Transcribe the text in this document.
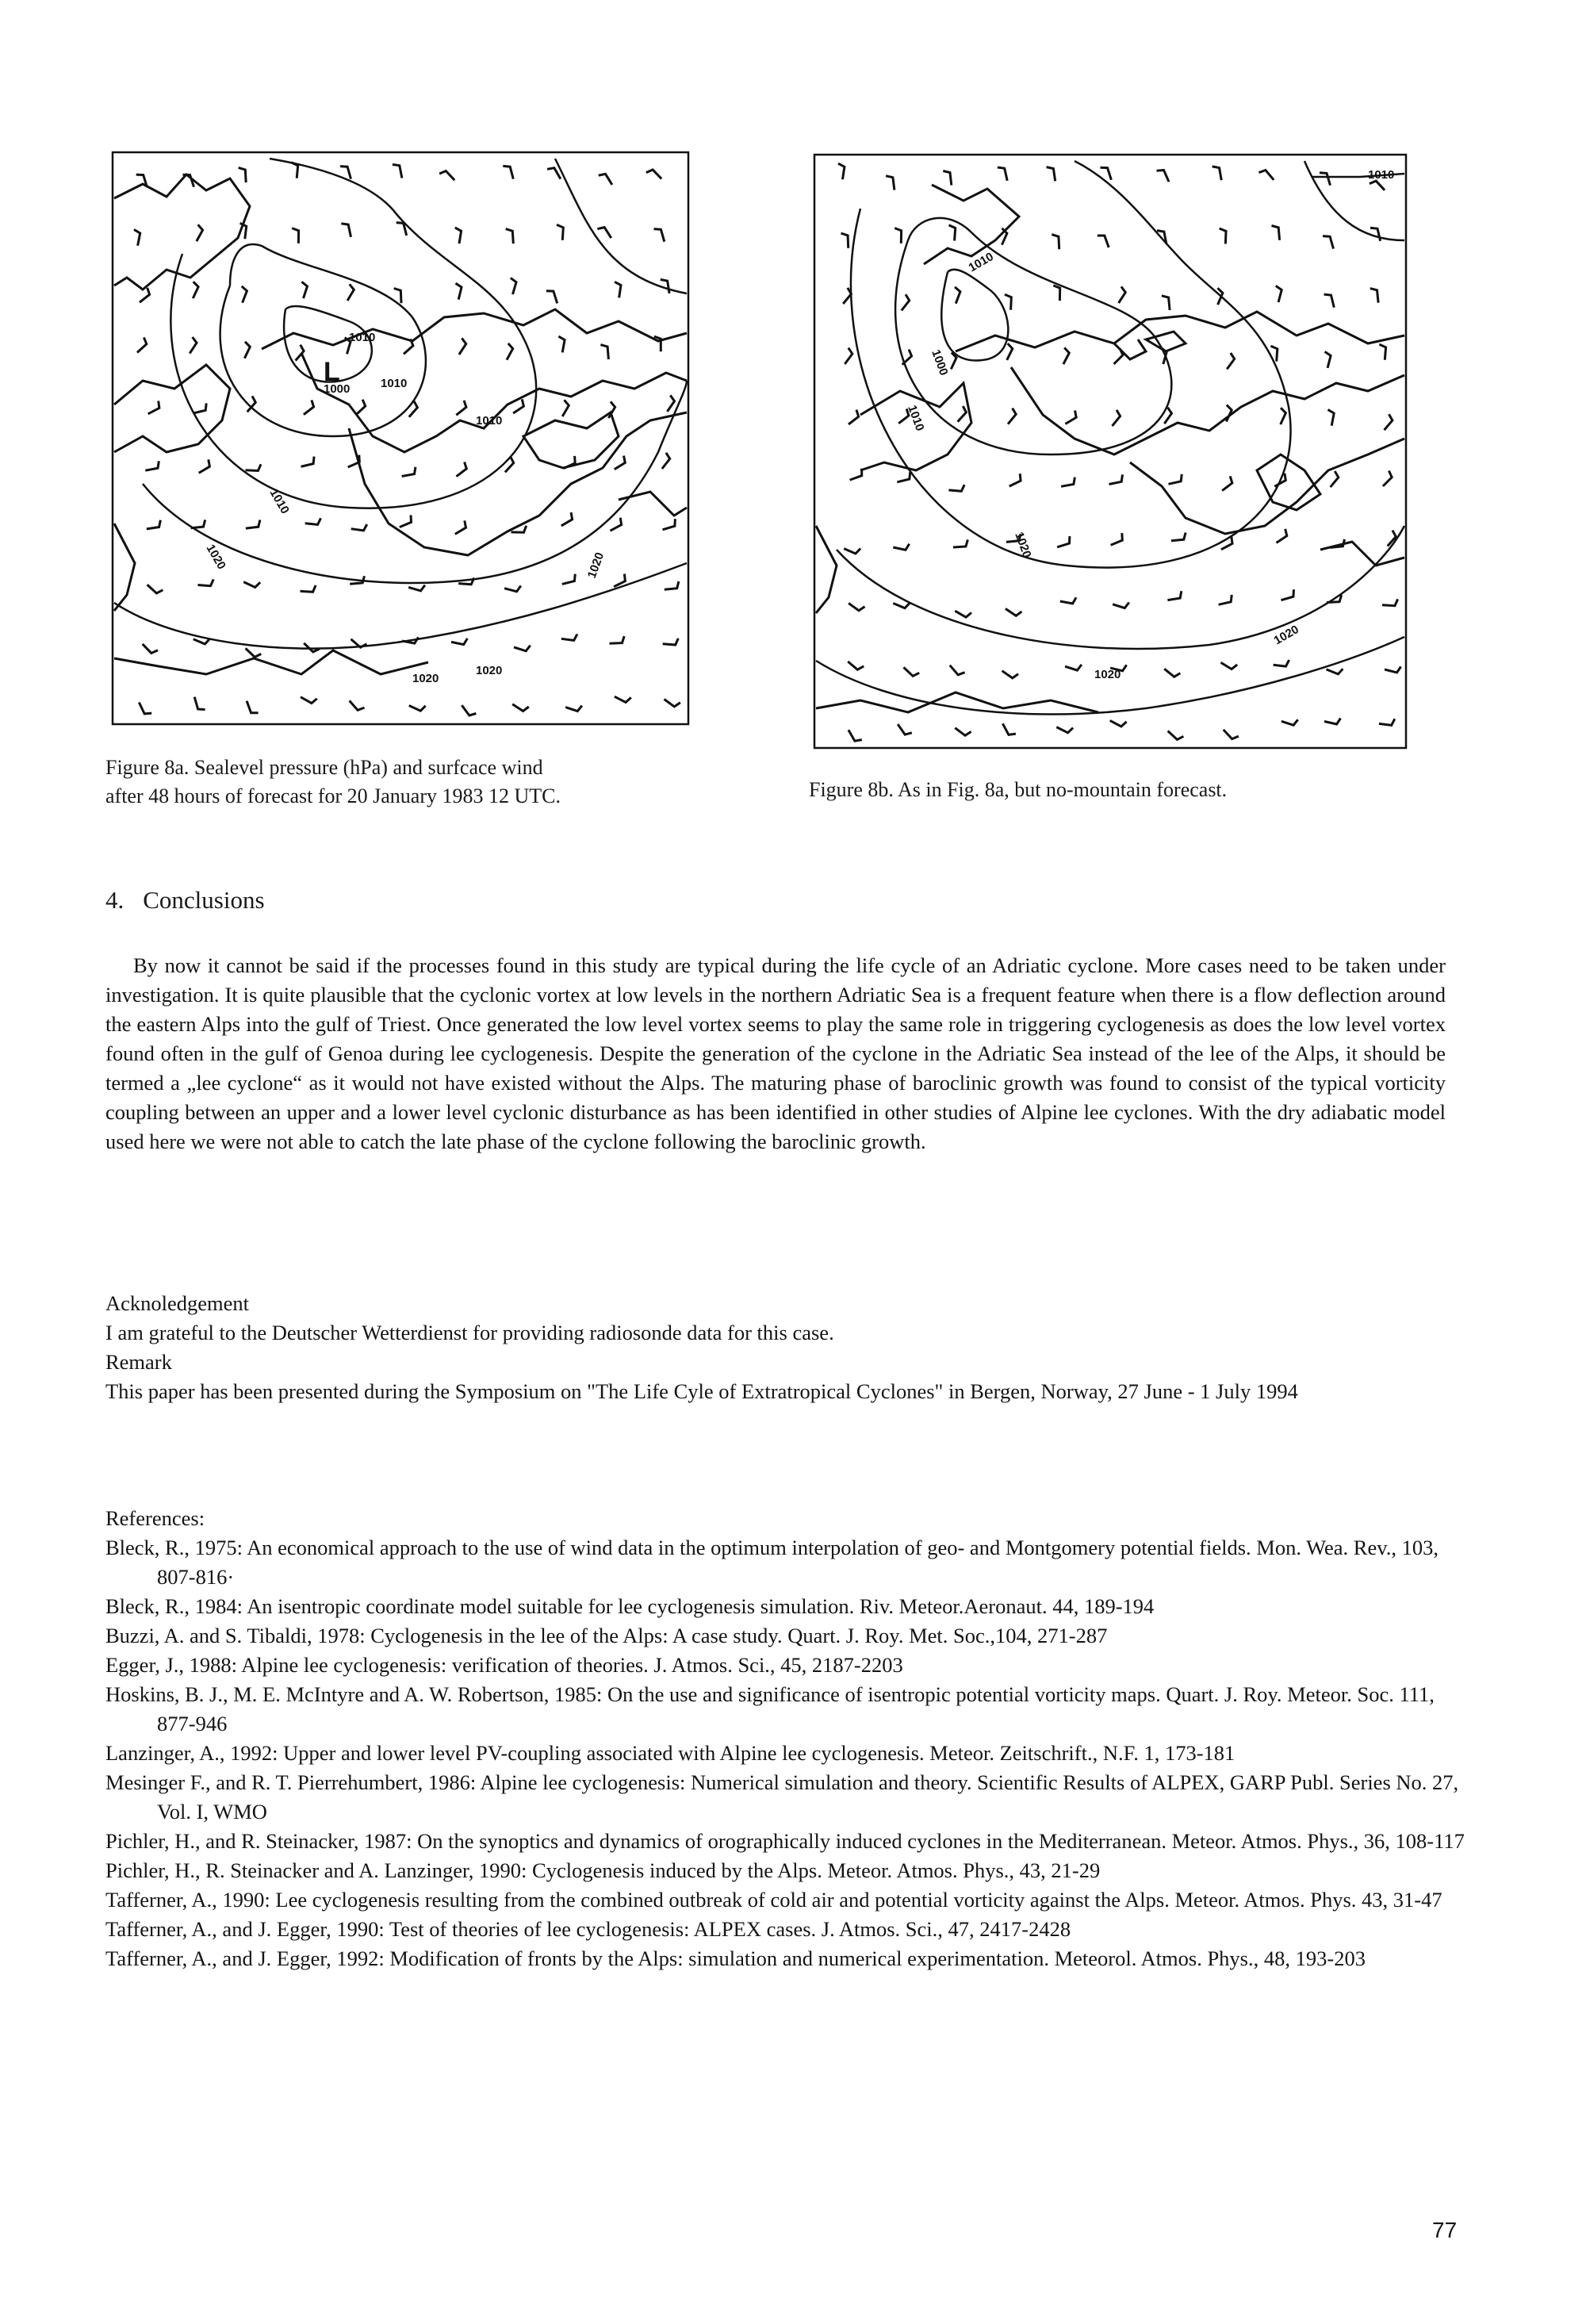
L
1010
1000	1010
1010
1010
1020	1020
1020
1020
Figure 8a. Sealevel pressure (hPa) and surfcace wind
after 48 hours of forecast for 20 January 1983 12 UTC.
1010
1000
1010
1010
1020
1020
1020
Figure 8b. As in Fig. 8a, but no-mountain forecast.
4. Conclusions

By now it cannot be said if the processes found in this study are typical during the life cycle of an Adriatic cyclone. More cases need to be taken under investigation. It is quite plausible that the cyclonic vortex at low levels in the northern Adriatic Sea is a frequent feature when there is a flow deflection around the eastern Alps into the gulf of Triest. Once generated the low level vortex seems to play the same role in triggering cyclogenesis as does the low level vortex found often in the gulf of Genoa during lee cyclogenesis. Despite the generation of the cyclone in the Adriatic Sea instead of the lee of the Alps, it should be termed a „lee cyclone“ as it would not have existed without the Alps. The maturing phase of baroclinic growth was found to consist of the typical vorticity coupling between an upper and a lower level cyclonic disturbance as has been identified in other studies of Alpine lee cyclones. With the dry adiabatic model used here we were not able to catch the late phase of the cyclone following the baroclinic growth.

Acknoledgement

I am grateful to the Deutscher Wetterdienst for providing radiosonde data for this case.

Remark

This paper has been presented during the Symposium on "The Life Cyle of Extratropical Cyclones" in Bergen, Norway, 27 June - 1 July 1994

References:

Bleck, R., 1975: An economical approach to the use of wind data in the optimum interpolation of geo- and Montgomery potential fields. Mon. Wea. Rev., 103, 807-816·

Bleck, R., 1984: An isentropic coordinate model suitable for lee cyclogenesis simulation. Riv. Meteor.Aeronaut. 44, 189-194

Buzzi, A. and S. Tibaldi, 1978: Cyclogenesis in the lee of the Alps: A case study. Quart. J. Roy. Met. Soc.,104, 271-287

Egger, J., 1988: Alpine lee cyclogenesis: verification of theories. J. Atmos. Sci., 45, 2187-2203

Hoskins, B. J., M. E. McIntyre and A. W. Robertson, 1985: On the use and significance of isentropic potential vorticity maps. Quart. J. Roy. Meteor. Soc. 111, 877-946

Lanzinger, A., 1992: Upper and lower level PV-coupling associated with Alpine lee cyclogenesis. Meteor. Zeitschrift., N.F. 1, 173-181

Mesinger F., and R. T. Pierrehumbert, 1986: Alpine lee cyclogenesis: Numerical simulation and theory. Scientific Results of ALPEX, GARP Publ. Series No. 27, Vol. I, WMO

Pichler, H., and R. Steinacker, 1987: On the synoptics and dynamics of orographically induced cyclones in the Mediterranean. Meteor. Atmos. Phys., 36, 108-117

Pichler, H., R. Steinacker and A. Lanzinger, 1990: Cyclogenesis induced by the Alps. Meteor. Atmos. Phys., 43, 21-29

Tafferner, A., 1990: Lee cyclogenesis resulting from the combined outbreak of cold air and potential vorticity against the Alps. Meteor. Atmos. Phys. 43, 31-47

Tafferner, A., and J. Egger, 1990: Test of theories of lee cyclogenesis: ALPEX cases. J. Atmos. Sci., 47, 2417-2428

Tafferner, A., and J. Egger, 1992: Modification of fronts by the Alps: simulation and numerical experimentation. Meteorol. Atmos. Phys., 48, 193-203

77
